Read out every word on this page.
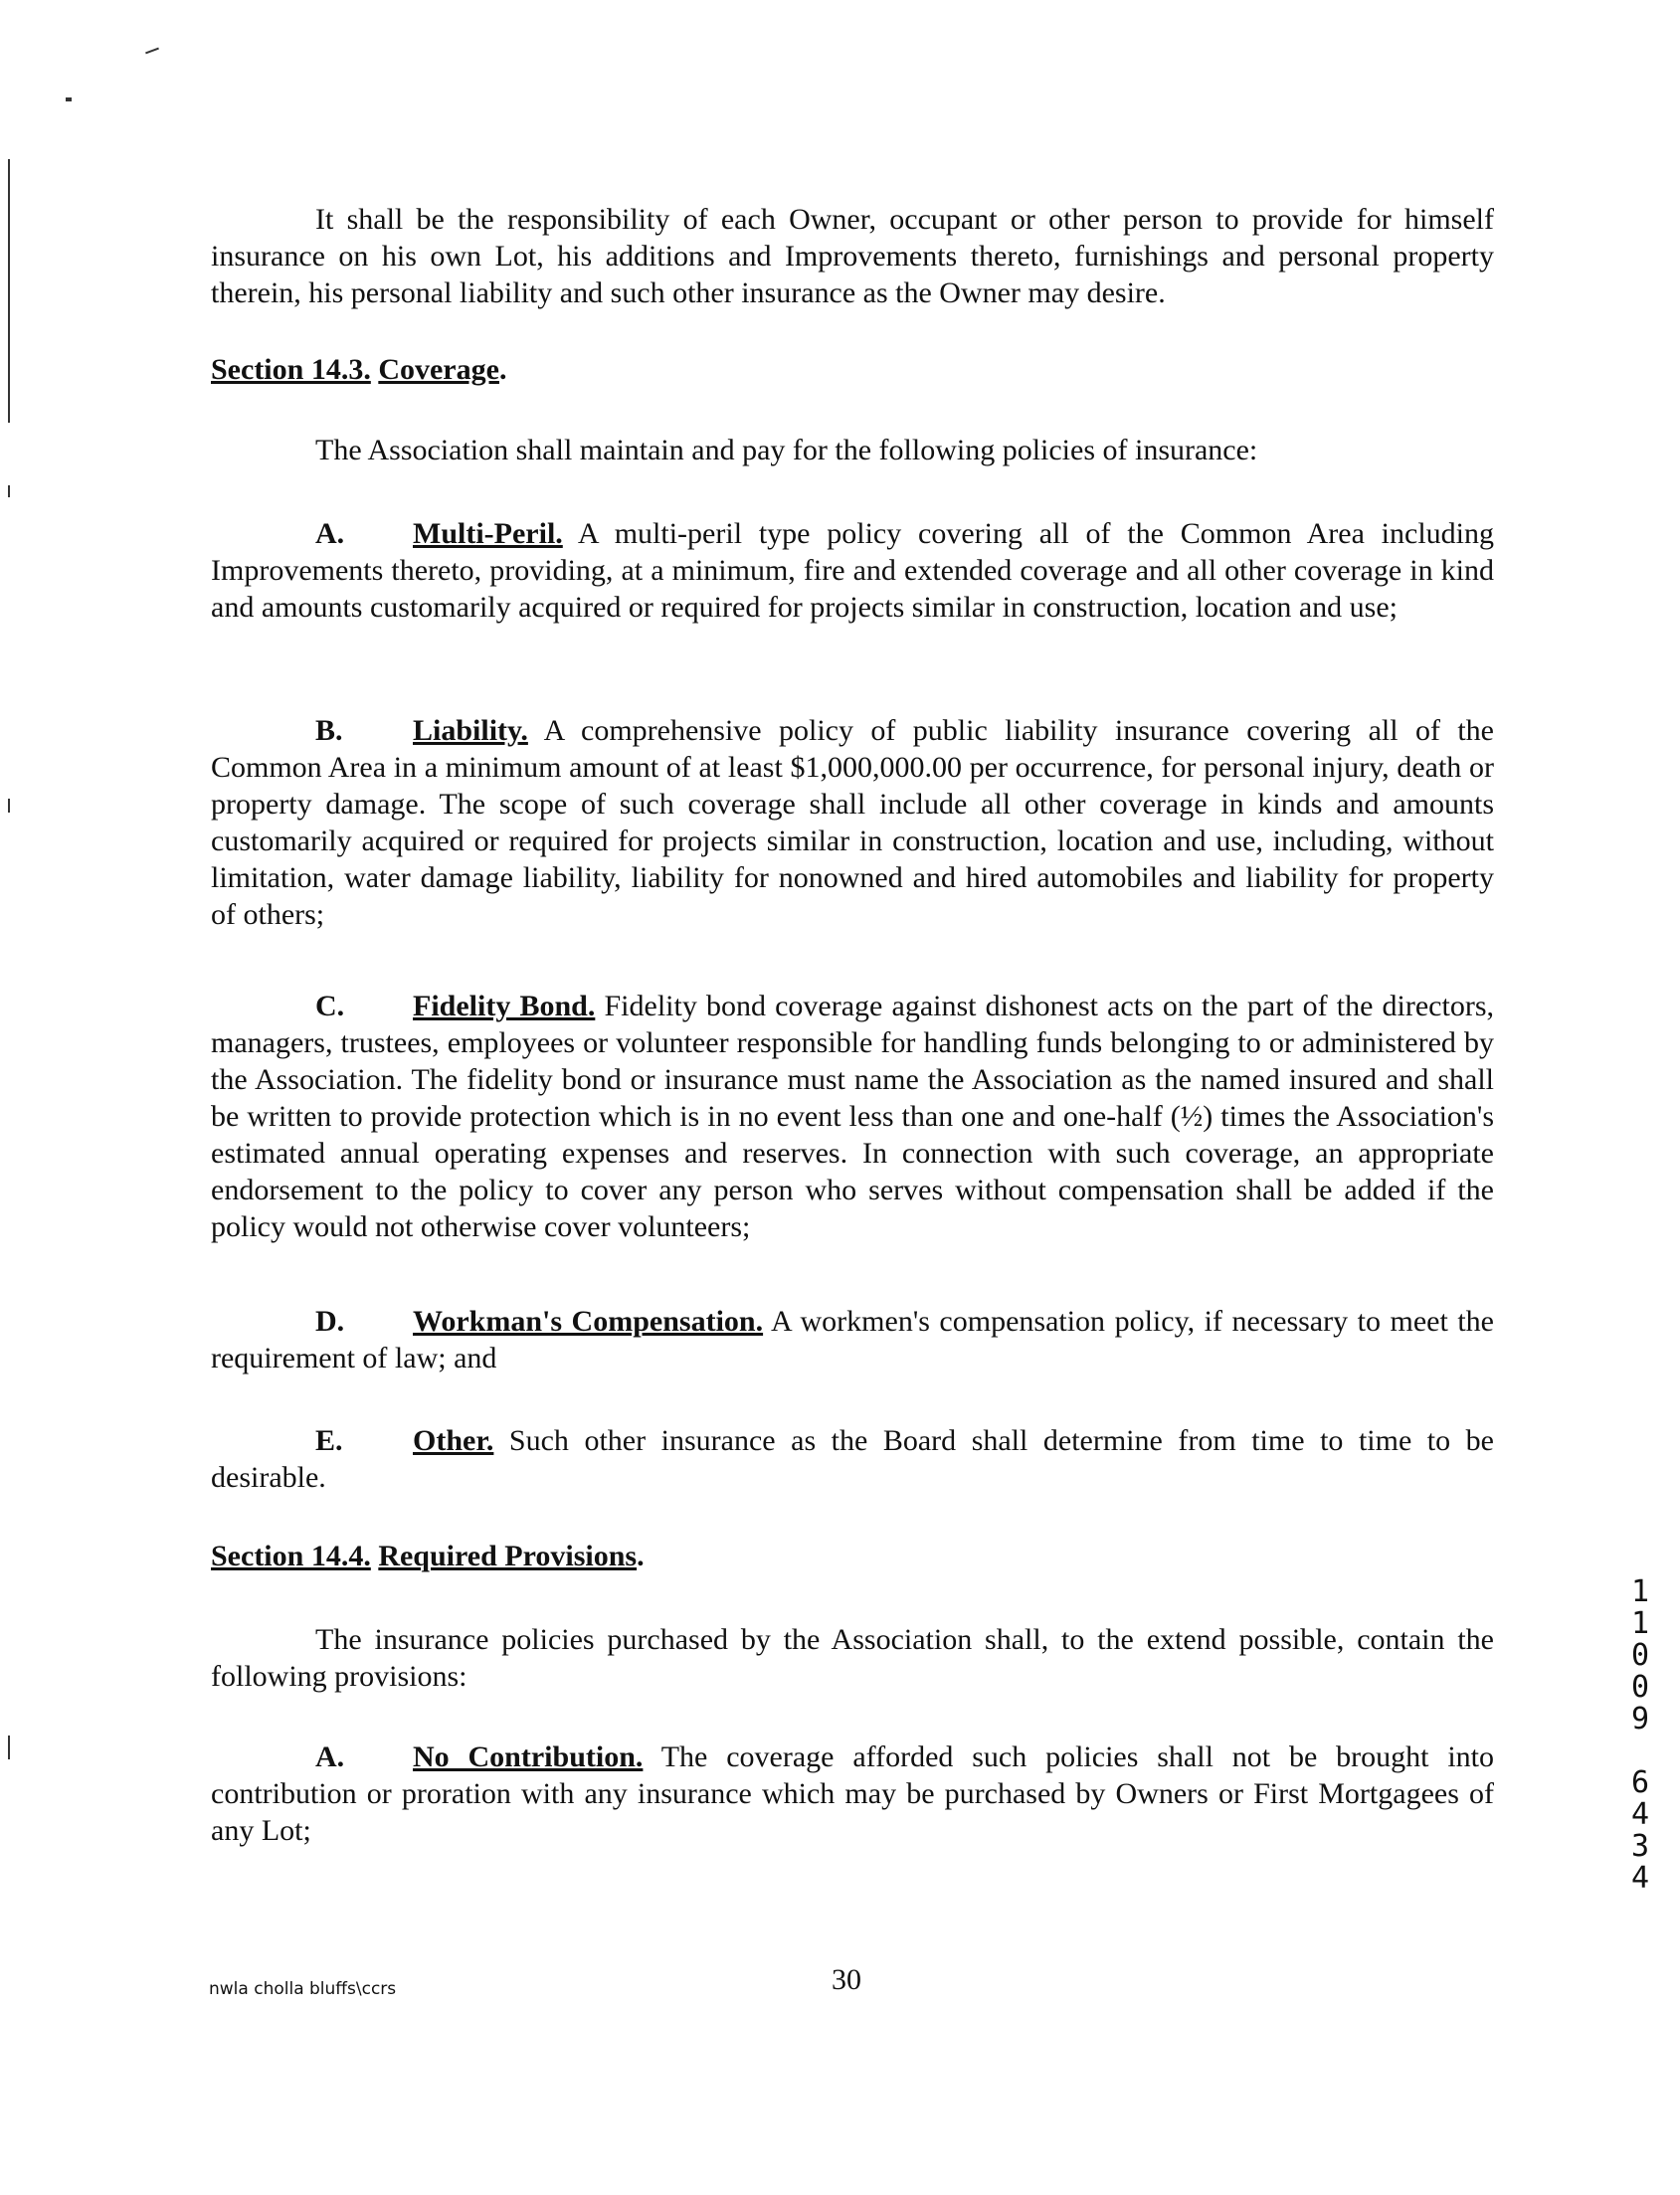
It shall be the responsibility of each Owner, occupant or other person to provide for himself insurance on his own Lot, his additions and Improvements thereto, furnishings and personal property therein, his personal liability and such other insurance as the Owner may desire.
Section 14.3. Coverage.
The Association shall maintain and pay for the following policies of insurance:
A. Multi-Peril. A multi-peril type policy covering all of the Common Area including Improvements thereto, providing, at a minimum, fire and extended coverage and all other coverage in kind and amounts customarily acquired or required for projects similar in construction, location and use;
B. Liability. A comprehensive policy of public liability insurance covering all of the Common Area in a minimum amount of at least $1,000,000.00 per occurrence, for personal injury, death or property damage. The scope of such coverage shall include all other coverage in kinds and amounts customarily acquired or required for projects similar in construction, location and use, including, without limitation, water damage liability, liability for nonowned and hired automobiles and liability for property of others;
C. Fidelity Bond. Fidelity bond coverage against dishonest acts on the part of the directors, managers, trustees, employees or volunteer responsible for handling funds belonging to or administered by the Association. The fidelity bond or insurance must name the Association as the named insured and shall be written to provide protection which is in no event less than one and one-half (½) times the Association's estimated annual operating expenses and reserves. In connection with such coverage, an appropriate endorsement to the policy to cover any person who serves without compensation shall be added if the policy would not otherwise cover volunteers;
D. Workman's Compensation. A workmen's compensation policy, if necessary to meet the requirement of law; and
E. Other. Such other insurance as the Board shall determine from time to time to be desirable.
Section 14.4. Required Provisions.
The insurance policies purchased by the Association shall, to the extend possible, contain the following provisions:
A. No Contribution. The coverage afforded such policies shall not be brought into contribution or proration with any insurance which may be purchased by Owners or First Mortgagees of any Lot;
nwla cholla bluffs\ccrs	30
1
1
0
0
9
6
4
3
4
